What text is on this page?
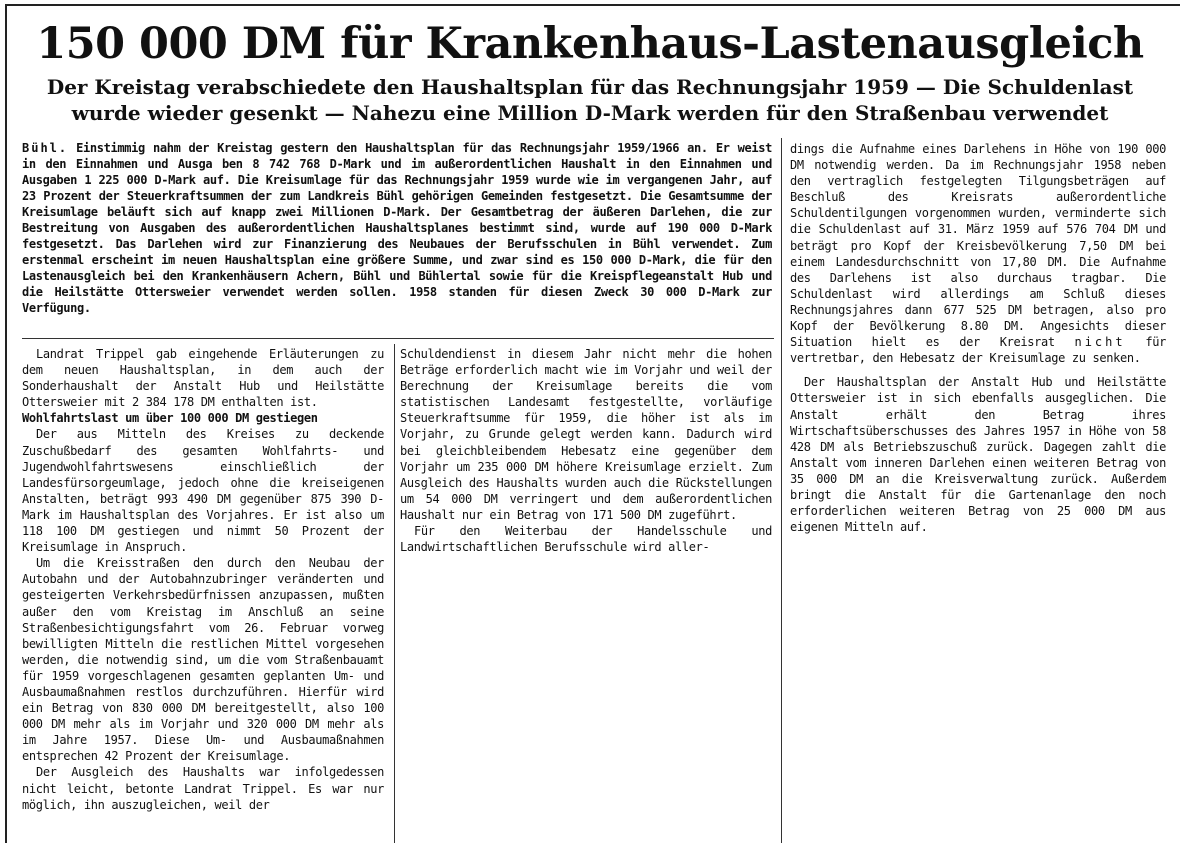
150 000 DM für Krankenhaus-Lastenausgleich
Der Kreistag verabschiedete den Haushaltsplan für das Rechnungsjahr 1959 — Die Schuldenlast wurde wieder gesenkt — Nahezu eine Million D-Mark werden für den Straßenbau verwendet
Bühl. Einstimmig nahm der Kreistag gestern den Haushaltsplan für das Rechnungsjahr 1959/1966 an. Er weist in den Einnahmen und Ausga ben 8 742 768 D-Mark und im außerordentlichen Haushalt in den Einnahmen und Ausgaben 1 225 000 D-Mark auf. Die Kreisumlage für das Rechnungsjahr 1959 wurde wie im vergangenen Jahr, auf 23 Prozent der Steuerkraftsummen der zum Landkreis Bühl gehörigen Gemeinden festgesetzt. Die Gesamtsumme der Kreisumlage beläuft sich auf knapp zwei Millionen D-Mark. Der Gesamtbetrag der äußeren Darlehen, die zur Bestreitung von Ausgaben des außerordentlichen Haushaltsplanes bestimmt sind, wurde auf 190 000 D-Mark festgesetzt. Das Darlehen wird zur Finanzierung des Neubaues der Berufsschulen in Bühl verwendet. Zum erstenmal erscheint im neuen Haushaltsplan eine größere Summe, und zwar sind es 150 000 D-Mark, die für den Lastenausgleich bei den Krankenhäusern Achern, Bühl und Bühlertal sowie für die Kreispflegeanstalt Hub und die Heilstätte Ottersweier verwendet werden sollen. 1958 standen für diesen Zweck 30 000 D-Mark zur Verfügung.

Landrat Trippel gab eingehende Erläuterungen zu dem neuen Haushaltsplan, in dem auch der Sonderhaushalt der Anstalt Hub und Heilstätte Ottersweier mit 2 384 178 DM enthalten ist.

Wohlfahrtslast um über 100 000 DM gestiegen

Der aus Mitteln des Kreises zu deckende Zuschußbedarf des gesamten Wohlfahrts- und Jugendwohlfahrtswesens einschließlich der Landesfürsorgeumlage, jedoch ohne die kreiseigenen Anstalten, beträgt 993 490 DM gegenüber 875 390 D-Mark im Haushaltsplan des Vorjahres. Er ist also um 118 100 DM gestiegen und nimmt 50 Prozent der Kreisumlage in Anspruch.

Um die Kreisstraßen den durch den Neubau der Autobahn und der Autobahnzubringer veränderten und gesteigerten Verkehrsbedürfnissen anzupassen, mußten außer den vom Kreistag im Anschluß an seine Straßenbesichtigungsfahrt vom 26. Februar vorweg bewilligten Mitteln die restlichen Mittel vorgesehen werden, die notwendig sind, um die vom Straßenbauamt für 1959 vorgeschlagenen gesamten geplanten Um- und Ausbaumaßnahmen restlos durchzuführen. Hierfür wird ein Betrag von 830 000 DM bereitgestellt, also 100 000 DM mehr als im Vorjahr und 320 000 DM mehr als im Jahre 1957. Diese Um- und Ausbaumaßnahmen entsprechen 42 Prozent der Kreisumlage.

Der Ausgleich des Haushalts war infolgedessen nicht leicht, betonte Landrat Trippel. Es war nur möglich, ihn auszugleichen, weil der

Schuldendienst in diesem Jahr nicht mehr die hohen Beträge erforderlich macht wie im Vorjahr und weil der Berechnung der Kreisumlage bereits die vom statistischen Landesamt festgestellte, vorläufige Steuerkraftsumme für 1959, die höher ist als im Vorjahr, zu Grunde gelegt werden kann. Dadurch wird bei gleichbleibendem Hebesatz eine gegenüber dem Vorjahr um 235 000 DM höhere Kreisumlage erzielt. Zum Ausgleich des Haushalts wurden auch die Rückstellungen um 54 000 DM verringert und dem außerordentlichen Haushalt nur ein Betrag von 171 500 DM zugeführt.

Für den Weiterbau der Handelsschule und Landwirtschaftlichen Berufsschule wird aller-

dings die Aufnahme eines Darlehens in Höhe von 190 000 DM notwendig werden. Da im Rechnungsjahr 1958 neben den vertraglich festgelegten Tilgungsbeträgen auf Beschluß des Kreisrats außerordentliche Schuldentilgungen vorgenommen wurden, verminderte sich die Schuldenlast auf 31. März 1959 auf 576 704 DM und beträgt pro Kopf der Kreisbevölkerung 7,50 DM bei einem Landesdurchschnitt von 17,80 DM. Die Aufnahme des Darlehens ist also durchaus tragbar. Die Schuldenlast wird allerdings am Schluß dieses Rechnungsjahres dann 677 525 DM betragen, also pro Kopf der Bevölkerung 8.80 DM. Angesichts dieser Situation hielt es der Kreisrat nicht für vertretbar, den Hebesatz der Kreisumlage zu senken.

Der Haushaltsplan der Anstalt Hub und Heilstätte Ottersweier ist in sich ebenfalls ausgeglichen. Die Anstalt erhält den Betrag ihres Wirtschaftsüberschusses des Jahres 1957 in Höhe von 58 428 DM als Betriebszuschuß zurück. Dagegen zahlt die Anstalt vom inneren Darlehen einen weiteren Betrag von 35 000 DM an die Kreisverwaltung zurück. Außerdem bringt die Anstalt für die Gartenanlage den noch erforderlichen weiteren Betrag von 25 000 DM aus eigenen Mitteln auf.
